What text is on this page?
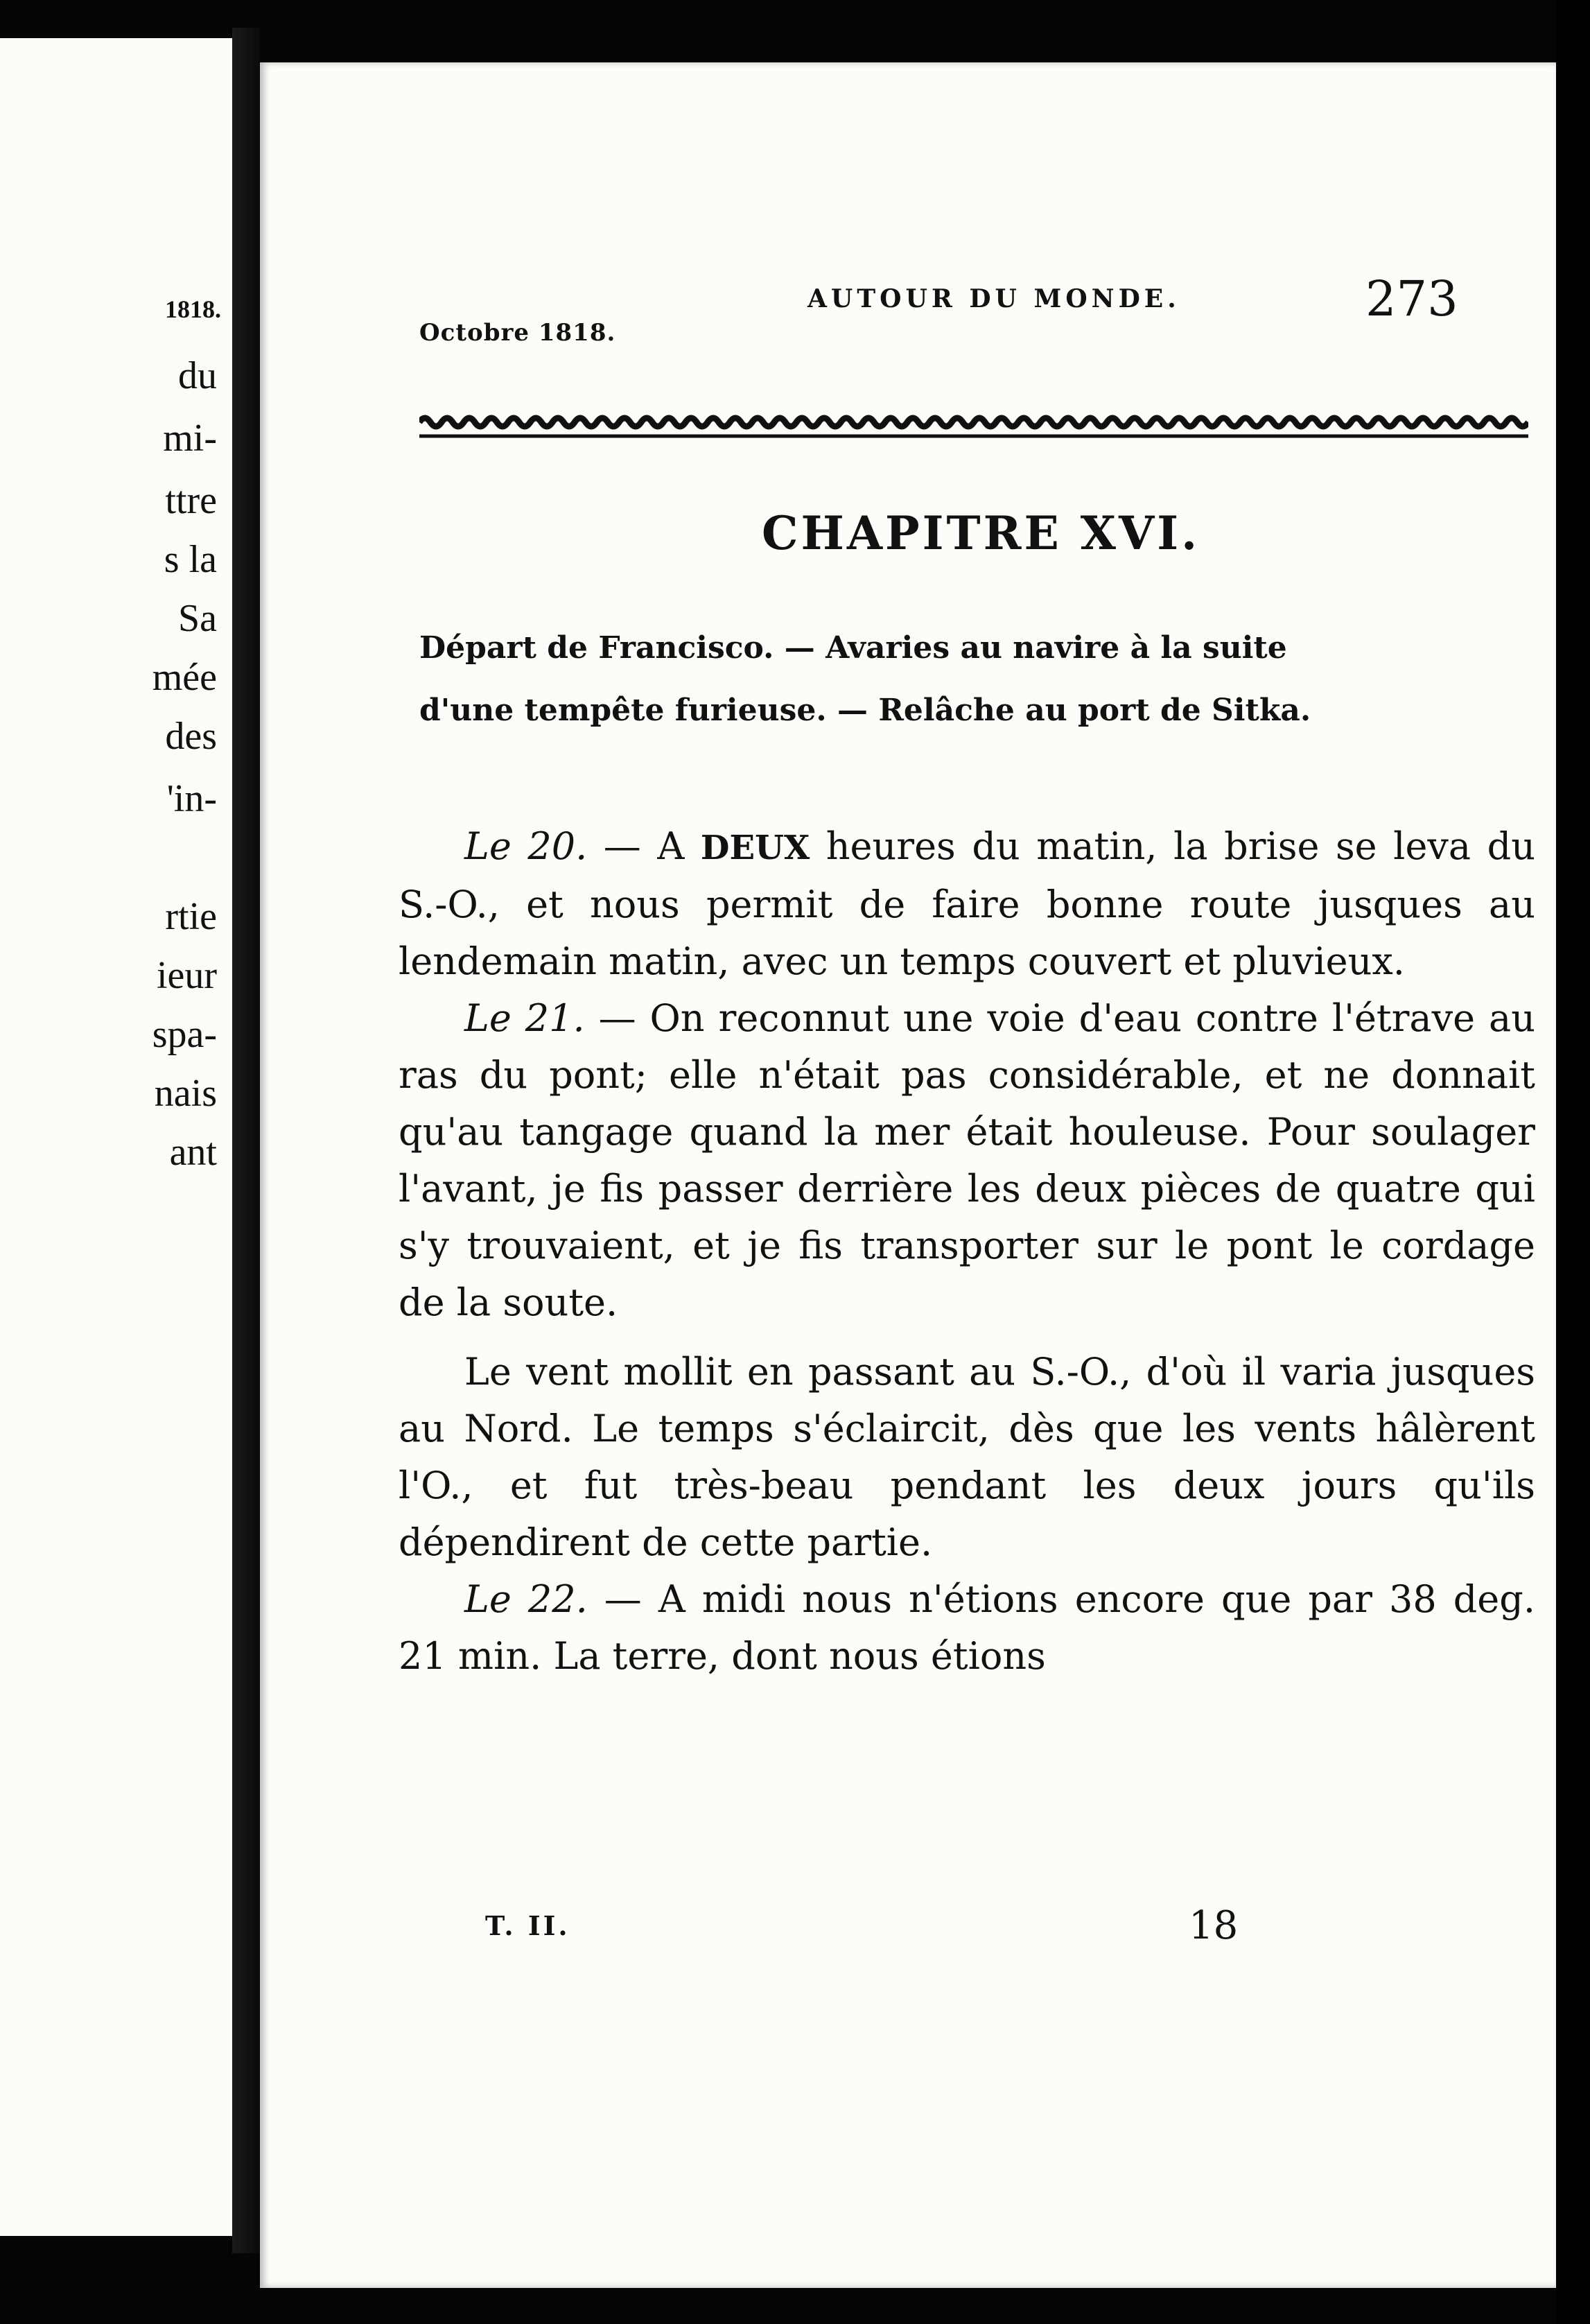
1818.
du
mi-
ttre
s la
Sa
mée
des
'in-
rtie
ieur
spa-
nais
ant
Octobre 1818.
AUTOUR DU MONDE.	273
CHAPITRE XVI.
Départ de Francisco. — Avaries au navire à la suite
d'une tempête furieuse. — Relâche au port de Sitka.

Le 20. — A DEUX heures du matin, la brise se leva du S.-O., et nous permit de faire bonne route jusques au lendemain matin, avec un temps couvert et pluvieux.

Le 21. — On reconnut une voie d'eau contre l'étrave au ras du pont; elle n'était pas considérable, et ne donnait qu'au tangage quand la mer était houleuse. Pour soulager l'avant, je fis passer derrière les deux pièces de quatre qui s'y trouvaient, et je fis transporter sur le pont le cordage de la soute.

Le vent mollit en passant au S.-O., d'où il varia jusques au Nord. Le temps s'éclaircit, dès que les vents hâlèrent l'O., et fut très-beau pendant les deux jours qu'ils dépendirent de cette partie.

Le 22. — A midi nous n'étions encore que par 38 deg. 21 min. La terre, dont nous étions

T. II.	18
